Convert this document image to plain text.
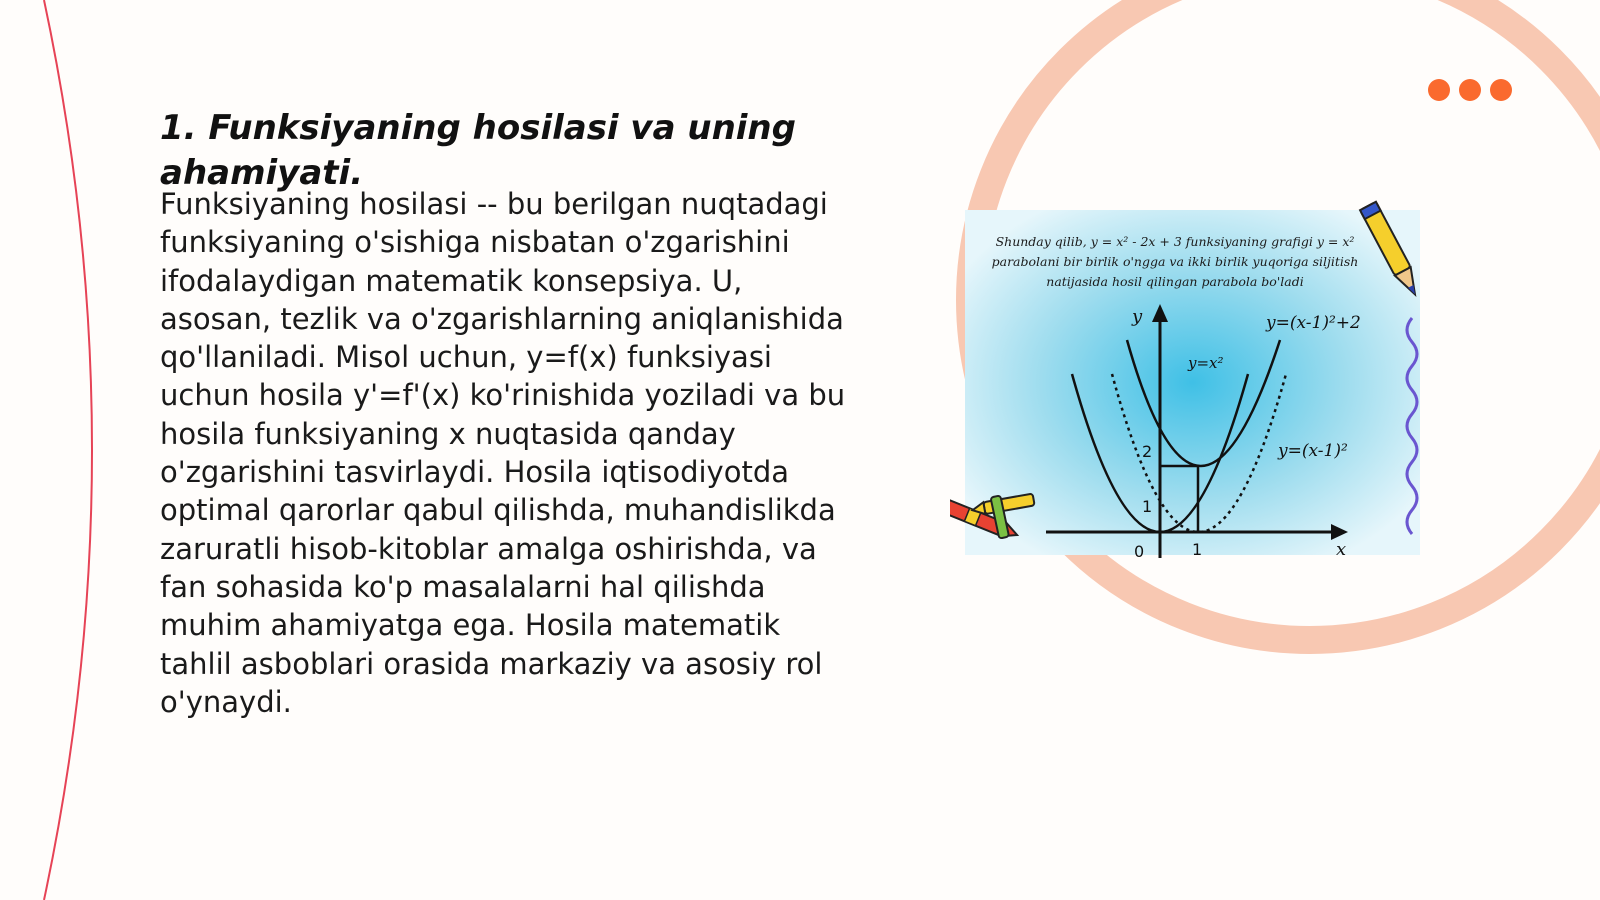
1. Funksiyaning hosilasi va uning ahamiyati.

Funksiyaning hosilasi -- bu berilgan nuqtadagi funksiyaning o'sishiga nisbatan o'zgarishini ifodalaydigan matematik konsepsiya. U, asosan, tezlik va o'zgarishlarning aniqlanishida qo'llaniladi. Misol uchun, y=f(x) funksiyasi uchun hosila y'=f'(x) ko'rinishida yoziladi va bu hosila funksiyaning x nuqtasida qanday o'zgarishini tasvirlaydi. Hosila iqtisodiyotda optimal qarorlar qabul qilishda, muhandislikda zaruratli hisob-kitoblar amalga oshirishda, va fan sohasida ko'p masalalarni hal qilishda muhim ahamiyatga ega. Hosila matematik tahlil asboblari orasida markaziy va asosiy rol o'ynaydi.

y
x
0	1
1
2
y=(x-1)²+2
y=x²
y=(x-1)²

Shunday qilib, y = x² - 2x + 3 funksiyaning grafigi y = x² parabolani bir birlik o'ngga va ikki birlik yuqoriga siljitish natijasida hosil qilingan parabola bo'ladi
